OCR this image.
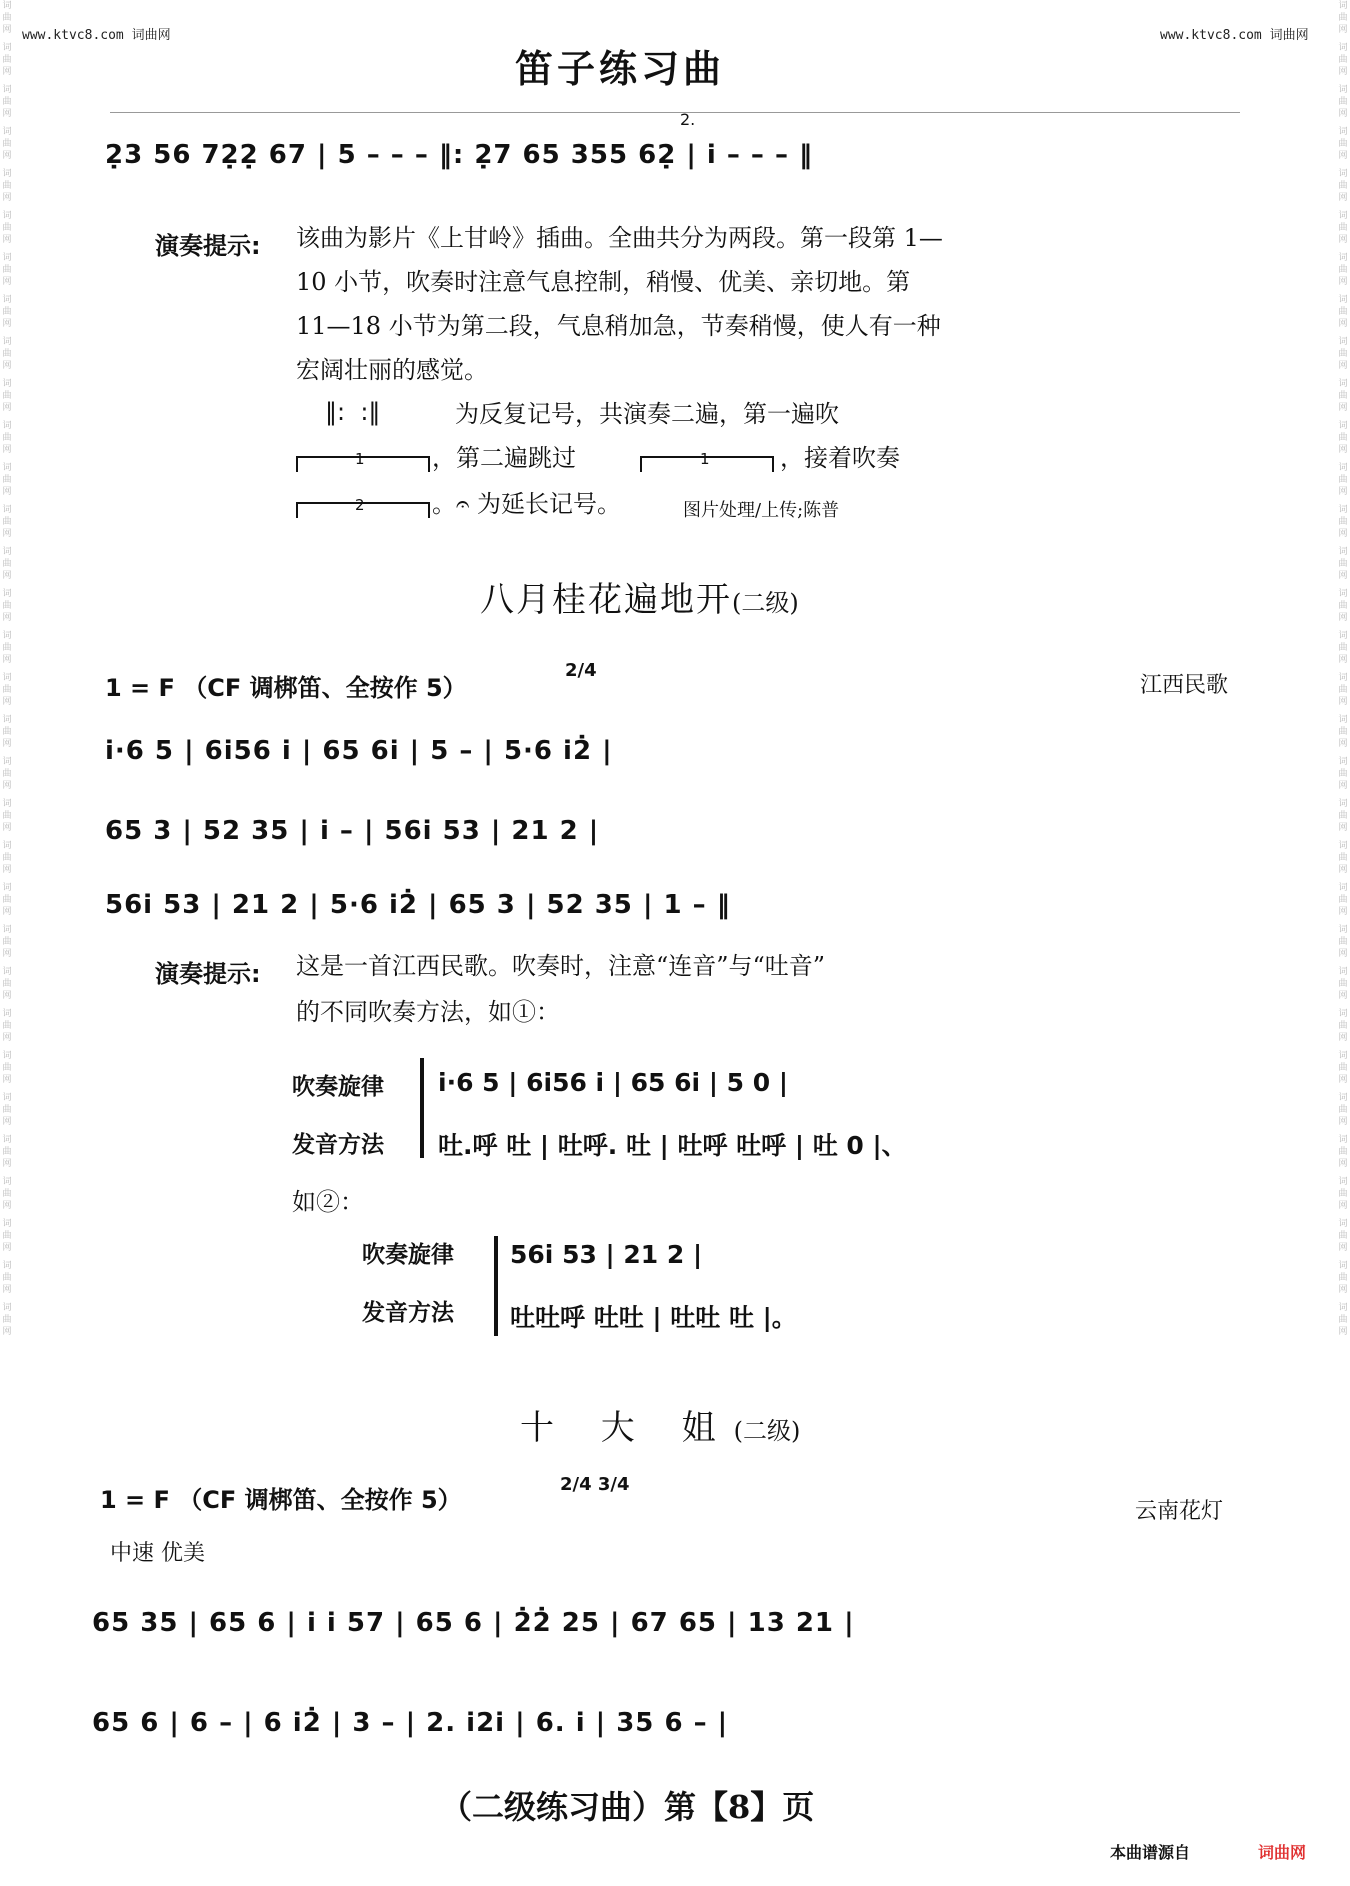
词曲网
词曲网
词曲网
词曲网
词曲网
词曲网
词曲网
词曲网
词曲网
词曲网
词曲网
词曲网
词曲网
词曲网
词曲网
词曲网
词曲网
词曲网
词曲网
词曲网
词曲网
词曲网
词曲网
词曲网
词曲网
词曲网
词曲网
词曲网
词曲网
词曲网
词曲网
词曲网
词曲网
词曲网
词曲网
词曲网
词曲网
词曲网
词曲网
词曲网
词曲网
词曲网
词曲网
词曲网
词曲网
词曲网
词曲网
词曲网
词曲网
词曲网
词曲网
词曲网
词曲网
词曲网
词曲网
词曲网
词曲网
词曲网
词曲网
词曲网
词曲网
词曲网
词曲网
词曲网
www.ktvc8.com 词曲网	www.ktvc8.com 词曲网
笛子练习曲
2.
2̣3 56 72̣2̣ 67 | 5 – – – ‖: 2̣7 65 355 62̣ | i – – – ‖
演奏提示: 该曲为影片《上甘岭》插曲。全曲共分为两段。第一段第 1—10 小节，吹奏时注意气息控制，稍慢、优美、亲切地。第 11—18 小节为第二段，气息稍加急，节奏稍慢，使人有一种宏阔壮丽的感觉。
‖:  :‖	为反复记号，共演奏二遍，第一遍吹
1	，第二遍跳过	1	，接着吹奏
2	。𝄐 为延长记号。	图片处理/上传;陈普
八月桂花遍地开(二级)
1 = F （CF 调梆笛、全按作 5）
2/4
江西民歌
i·6 5 | 6i56 i | 65 6i | 5 – | 5·6 i2̇ |
65 3 | 52 35 | i – | 56i 53 | 21 2 |
56i 53 | 21 2 | 5·6 i2̇ | 65 3 | 52 35 | 1 – ‖
演奏提示: 这是一首江西民歌。吹奏时，注意“连音”与“吐音”
的不同吹奏方法，如①：
吹奏旋律 i·6 5 | 6i56 i | 65 6i | 5 0 |
发音方法 吐.呼 吐 | 吐呼. 吐 | 吐呼 吐呼 | 吐 0 |、
如②：
吹奏旋律 56i 53 | 21 2 |
发音方法 吐吐呼 吐吐 | 吐吐 吐 |。
十 大 姐(二级)
1 = F （CF 调梆笛、全按作 5）
2/4 3/4
云南花灯
中速 优美
65 35 | 65 6 | i i 57 | 65 6 | 2̇2̇ 25 | 67 65 | 13 21 |
65 6 | 6 – | 6 i2̇ | 3 – | 2. i2i | 6. i | 35 6 – |
（二级练习曲）第【8】页
本曲谱源自	词曲网
